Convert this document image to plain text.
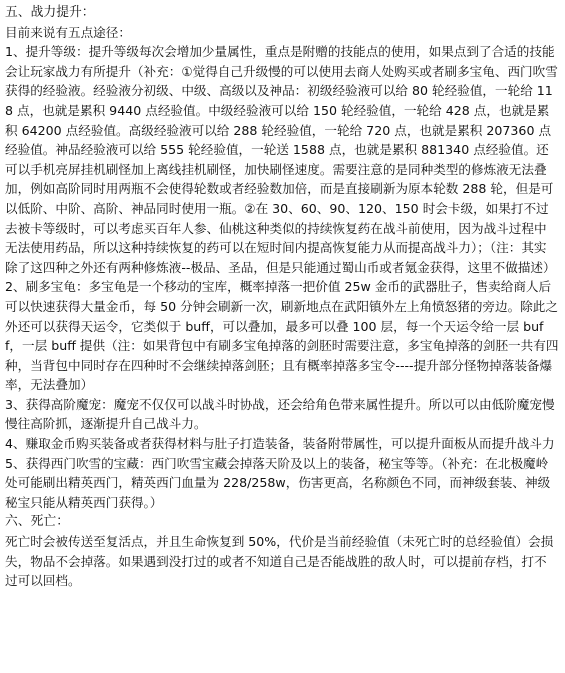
五、战力提升：
目前来说有五点途径：
1、提升等级：提升等级每次会增加少量属性，重点是附赠的技能点的使用，如果点到了合适的技能会让玩家战力有所提升（补充：①觉得自己升级慢的可以使用去商人处购买或者刷多宝龟、西门吹雪获得的经验液。经验液分初级、中级、高级以及神品：初级经验液可以给 80 轮经验值，一轮给 118 点，也就是累积 9440 点经验值。中级经验液可以给 150 轮经验值，一轮给 428 点，也就是累积 64200 点经验值。高级经验液可以给 288 轮经验值，一轮给 720 点，也就是累积 207360 点经验值。神品经验液可以给 555 轮经验值，一轮送 1588 点，也就是累积 881340 点经验值。还可以手机亮屏挂机刷怪加上离线挂机刷怪，加快刷怪速度。需要注意的是同种类型的修炼液无法叠加，例如高阶同时用两瓶不会使得轮数或者经验数加倍，而是直接刷新为原本轮数 288 轮，但是可以低阶、中阶、高阶、神品同时使用一瓶。②在 30、60、90、120、150 时会卡级，如果打不过去被卡等级时，可以考虑买百年人参、仙桃这种类似的持续恢复药在战斗前使用，因为战斗过程中无法使用药品，所以这种持续恢复的药可以在短时间内提高恢复能力从而提高战斗力）；（注：其实除了这四种之外还有两种修炼液--极品、圣品，但是只能通过蜀山币或者氪金获得，这里不做描述）
2、刷多宝龟：多宝龟是一个移动的宝库，概率掉落一把价值 25w 金币的武器肚子，售卖给商人后可以快速获得大量金币，每 50 分钟会刷新一次，刷新地点在武阳镇外左上角愤怒猪的旁边。除此之外还可以获得天运令，它类似于 buff，可以叠加，最多可以叠 100 层，每一个天运令给一层 buff，一层 buff 提供（注：如果背包中有刷多宝龟掉落的剑胚时需要注意，多宝龟掉落的剑胚一共有四种，当背包中同时存在四种时不会继续掉落剑胚；且有概率掉落多宝令----提升部分怪物掉落装备爆率，无法叠加）
3、获得高阶魔宠：魔宠不仅仅可以战斗时协战，还会给角色带来属性提升。所以可以由低阶魔宠慢慢往高阶抓，逐渐提升自己战斗力。
4、赚取金币购买装备或者获得材料与肚子打造装备，装备附带属性，可以提升面板从而提升战斗力
5、获得西门吹雪的宝藏：西门吹雪宝藏会掉落天阶及以上的装备，秘宝等等。（补充：在北极魔岭处可能刷出精英西门，精英西门血量为 228/258w，伤害更高，名称颜色不同，而神级套装、神级秘宝只能从精英西门获得。）
六、死亡：
死亡时会被传送至复活点，并且生命恢复到 50%，代价是当前经验值（未死亡时的总经验值）会损失，物品不会掉落。如果遇到没打过的或者不知道自己是否能战胜的敌人时，可以提前存档，打不过可以回档。
